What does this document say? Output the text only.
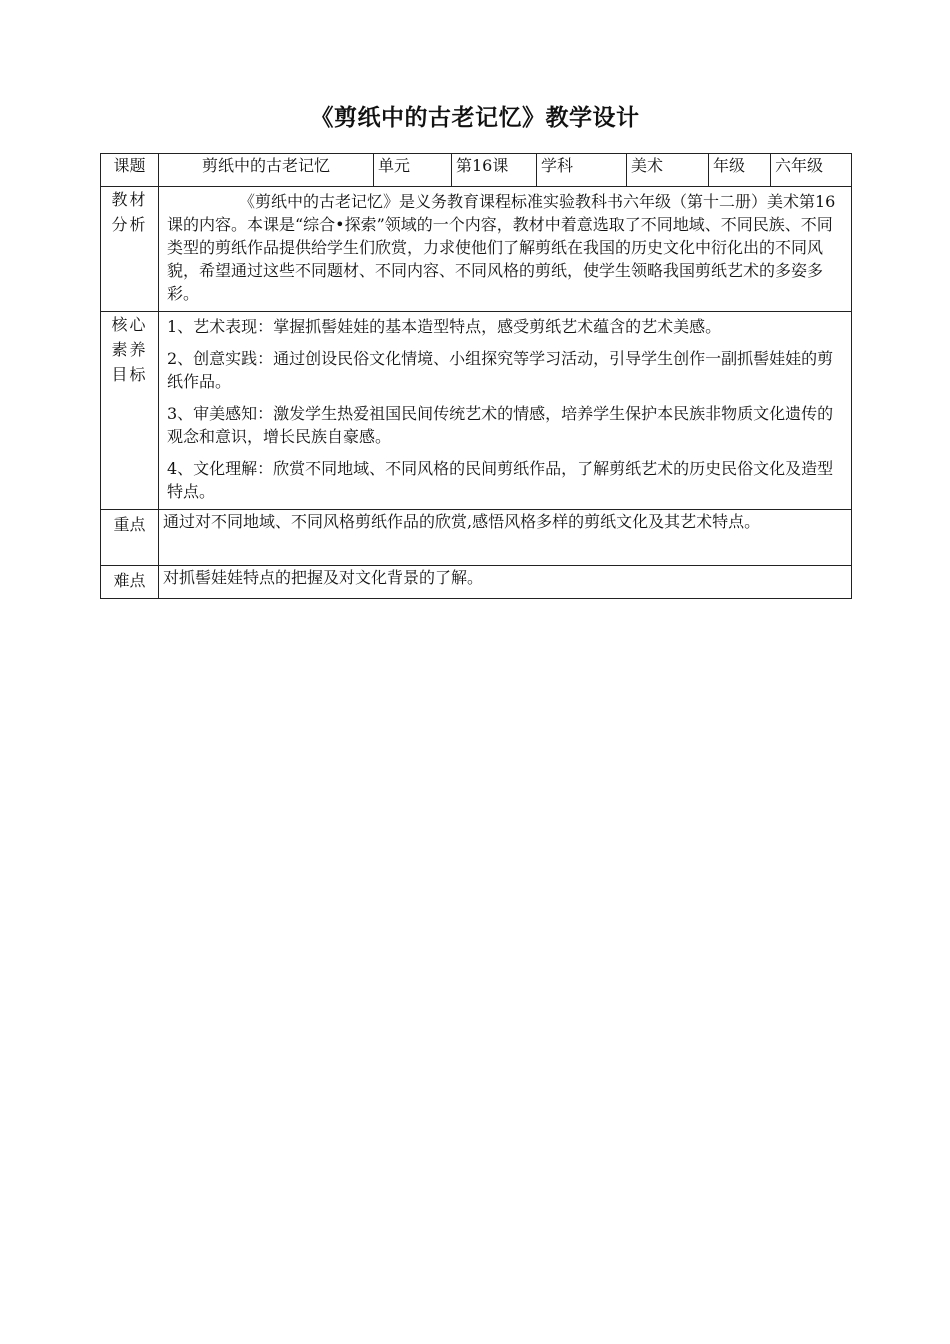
《剪纸中的古老记忆》教学设计
课题	剪纸中的古老记忆	单元	第16课	学科	美术	年级	六年级
教材分析	《剪纸中的古老记忆》是义务教育课程标准实验教科书六年级（第十二册）美术第16课的内容。本课是“综合•探索”领域的一个内容，教材中着意选取了不同地域、不同民族、不同类型的剪纸作品提供给学生们欣赏，力求使他们了解剪纸在我国的历史文化中衍化出的不同风貌，希望通过这些不同题材、不同内容、不同风格的剪纸，使学生领略我国剪纸艺术的多姿多彩。						
核心素养目标	1、艺术表现：掌握抓髻娃娃的基本造型特点，感受剪纸艺术蕴含的艺术美感。

2、创意实践：通过创设民俗文化情境、小组探究等学习活动，引导学生创作一副抓髻娃娃的剪纸作品。

3、审美感知：激发学生热爱祖国民间传统艺术的情感，培养学生保护本民族非物质文化遗传的观念和意识，增长民族自豪感。

4、文化理解：欣赏不同地域、不同风格的民间剪纸作品，了解剪纸艺术的历史民俗文化及造型特点。						

重点	通过对不同地域、不同风格剪纸作品的欣赏,感悟风格多样的剪纸文化及其艺术特点。						
难点	对抓髻娃娃特点的把握及对文化背景的了解。						
